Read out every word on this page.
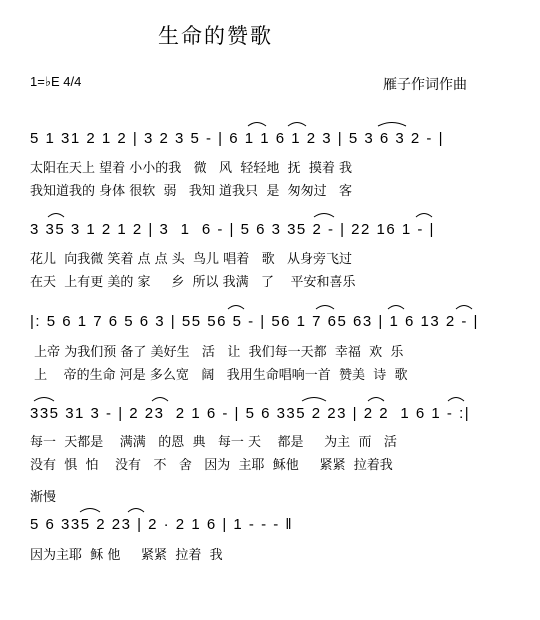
生命的赞歌
1=♭E 4/4	雁子作词作曲
5 1 31 2 1 2 | 3 2 3 5 - | 6 1 1 6 1 2 3 | 5 3 6 3 2 - |
太阳在天上 望着 小小的我   微   风  轻轻地  抚  摸着 我
我知道我的 身体 很软  弱   我知 道我只  是  匆匆过   客
3 35 3 1 2 1 2 | 3  1  6 - | 5 6 3 35 2 - | 22 16 1 - |
花儿  向我微 笑着 点 点 头  鸟儿 唱着   歌   从身旁飞过
在天  上有更 美的 家     乡  所以 我满   了    平安和喜乐
|: 5 6 1 7 6 5 6 3 | 55 56 5 - | 56 1 7 65 63 | 1 6 13 2 - |
上帝 为我们预 备了 美好生   活   让  我们每一天都  幸福  欢  乐
上    帝的生命 河是 多么宽   阔   我用生命唱响一首  赞美  诗  歌
335 31 3 - | 2 23  2 1 6 - | 5 6 335 2 23 | 2 2  1 6 1 - :|
每一  天都是    满满   的恩  典   每一 天    都是     为主  而   活
没有  惧  怕    没有   不   舍   因为  主耶  稣他     紧紧  拉着我
渐慢
5 6 335 2 23 | 2 · 2 1 6 | 1 - - - ‖
因为主耶  稣 他     紧紧  拉着  我
